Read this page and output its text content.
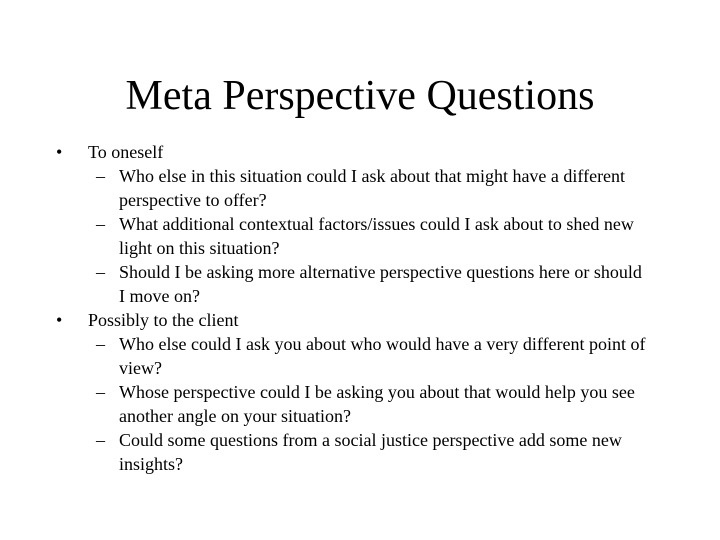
Meta Perspective Questions
•	To oneself
– Who else in this situation could I ask about that might have a different perspective to offer?
– What additional contextual factors/issues could I ask about to shed new light on this situation?
– Should I be asking more alternative perspective questions here or should I move on?
•	Possibly to the client
– Who else could I ask you about who would have a very different point of view?
– Whose perspective could I be asking you about that would help you see another angle on your situation?
– Could some questions from a social justice perspective add some new insights?
